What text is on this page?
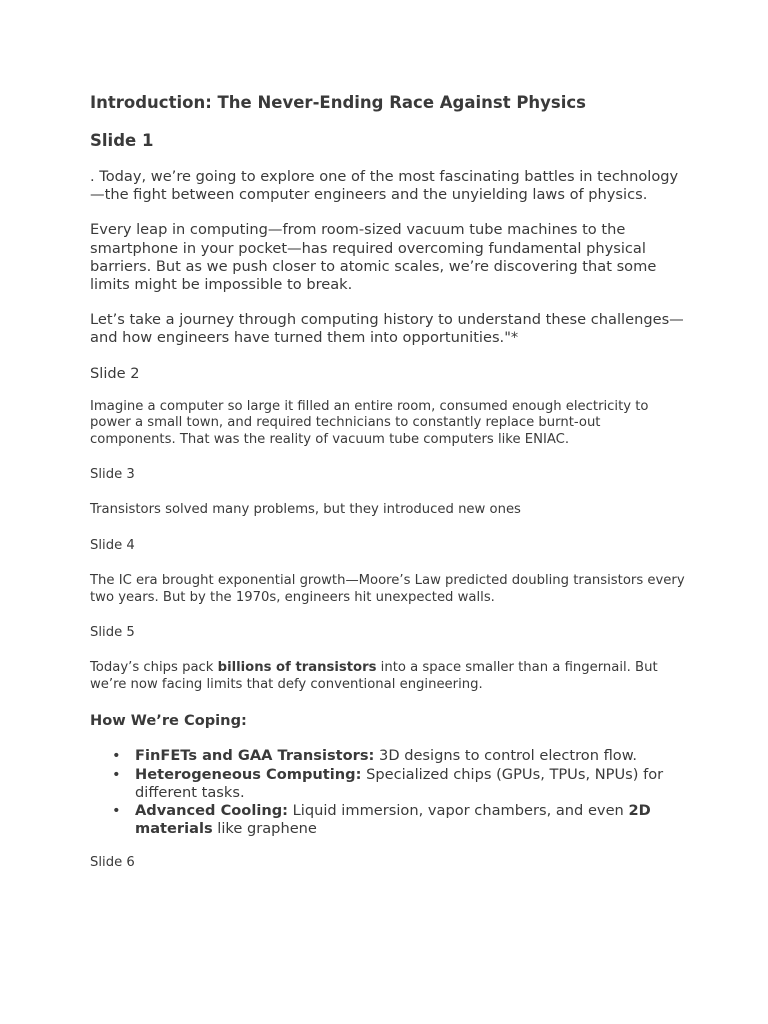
Introduction: The Never-Ending Race Against Physics
Slide 1

. Today, we’re going to explore one of the most fascinating battles in technology—the fight between computer engineers and the unyielding laws of physics.

Every leap in computing—from room-sized vacuum tube machines to the smartphone in your pocket—has required overcoming fundamental physical barriers. But as we push closer to atomic scales, we’re discovering that some limits might be impossible to break.

Let’s take a journey through computing history to understand these challenges—and how engineers have turned them into opportunities."*

Slide 2

Imagine a computer so large it filled an entire room, consumed enough electricity to power a small town, and required technicians to constantly replace burnt-out components. That was the reality of vacuum tube computers like ENIAC.

Slide 3

Transistors solved many problems, but they introduced new ones

Slide 4

The IC era brought exponential growth—Moore’s Law predicted doubling transistors every two years. But by the 1970s, engineers hit unexpected walls.

Slide 5

Today’s chips pack billions of transistors into a space smaller than a fingernail. But we’re now facing limits that defy conventional engineering.

How We’re Coping:
• FinFETs and GAA Transistors: 3D designs to control electron flow.
• Heterogeneous Computing: Specialized chips (GPUs, TPUs, NPUs) for different tasks.
• Advanced Cooling: Liquid immersion, vapor chambers, and even 2D materials like graphene
Slide 6
